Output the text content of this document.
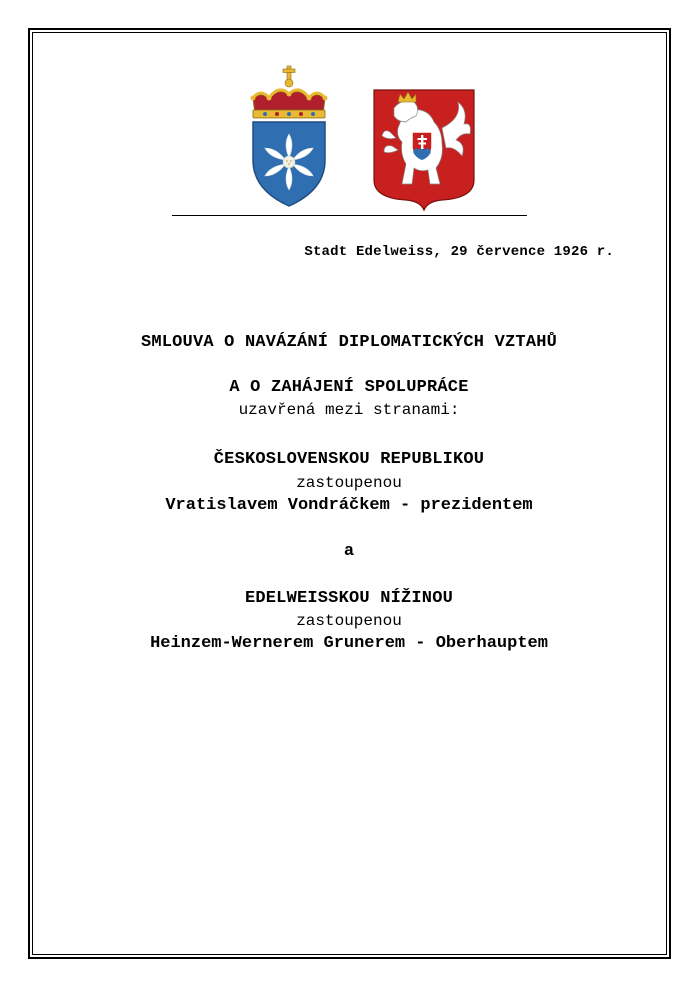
Stadt Edelweiss, 29 července 1926 r.
SMLOUVA O NAVÁZÁNÍ DIPLOMATICKÝCH VZTAHŮ
A O ZAHÁJENÍ SPOLUPRÁCE
uzavřená mezi stranami:
ČESKOSLOVENSKOU REPUBLIKOU
zastoupenou
Vratislavem Vondráčkem - prezidentem
a
EDELWEISSKOU NÍŽINOU
zastoupenou
Heinzem-Wernerem Grunerem - Oberhauptem
